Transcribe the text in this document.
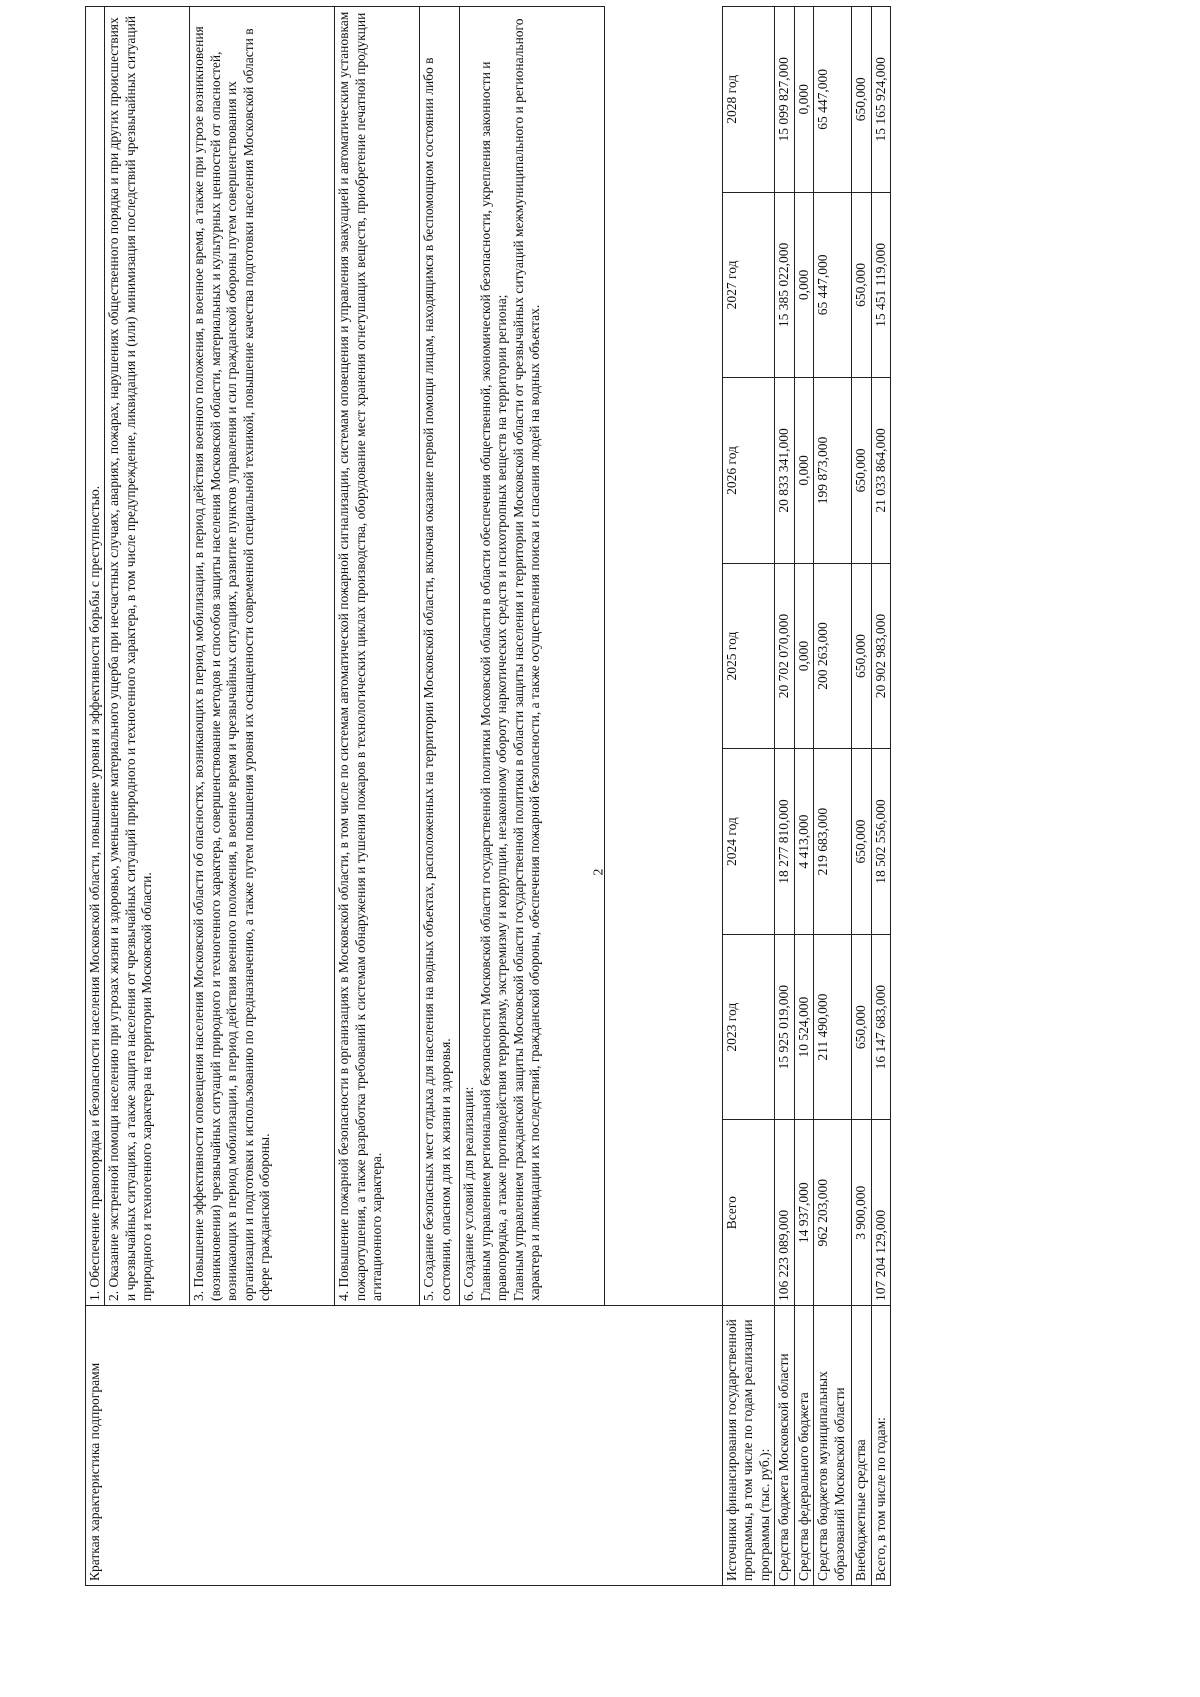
Краткая характеристика подпрограмм	1. Обеспечение правопорядка и безопасности населения Московской области, повышение уровня и эффективности борьбы с преступностью.						
	2. Оказание экстренной помощи населению при угрозах жизни и здоровью, уменьшение материального ущерба при несчастных случаях, авариях, пожарах, нарушениях общественного порядка и при других происшествиях и чрезвычайных ситуациях, а также защита населения от чрезвычайных ситуаций природного и техногенного характера, в том числе предупреждение, ликвидация и (или) минимизация последствий чрезвычайных ситуаций природного и техногенного характера на территории Московской области.						
	3. Повышение эффективности оповещения населения Московской области об опасностях, возникающих в период мобилизации, в период действия военного положения, в военное время, а также при угрозе возникновения (возникновении) чрезвычайных ситуаций природного и техногенного характера, совершенствование методов и способов защиты населения Московской области, материальных и культурных ценностей от опасностей, возникающих в период мобилизации, в период действия военного положения, в военное время и чрезвычайных ситуациях, развитие пунктов управления и сил гражданской обороны путем совершенствования их организации и подготовки к использованию по предназначению, а также путем повышения уровня их оснащенности современной специальной техникой, повышение качества подготовки населения Московской области в сфере гражданской обороны.						
	4. Повышение пожарной безопасности в организациях в Московской области, в том числе по системам автоматической пожарной сигнализации, системам оповещения и управления эвакуацией и автоматическим установкам пожаротушения, а также разработка требований к системам обнаружения и тушения пожаров в технологических циклах производства, оборудование мест хранения огнетушащих веществ, приобретение печатной продукции агитационного характера.						
	5. Создание безопасных мест отдыха для населения на водных объектах, расположенных на территории Московской области, включая оказание первой помощи лицам, находящимся в беспомощном состоянии либо в состоянии, опасном для их жизни и здоровья.						

	6. Создание условий для реализации: Главным управлением региональной безопасности Московской области государственной политики Московской области в области обеспечения общественной, экономической безопасности, укрепления законности и правопорядка, а также противодействия терроризму, экстремизму и коррупции, незаконному обороту наркотических средств и психотропных веществ на территории региона; Главным управлением гражданской защиты Московской области государственной политики в области защиты населения и территории Московской области от чрезвычайных ситуаций межмуниципального и регионального характера и ликвидации их последствий, гражданской обороны, обеспечения пожарной безопасности, а также осуществления поиска и спасания людей на водных объектах.						

Источники финансирования государственной программы, в том числе по годам реализации программы (тыс. руб.):	Всего	2023 год	2024 год	2025 год	2026 год	2027 год	2028 год
Средства бюджета Московской области	106 223 089,000	15 925 019,000	18 277 810,000	20 702 070,000	20 833 341,000	15 385 022,000	15 099 827,000
Средства федерального бюджета	14 937,000	10 524,000	4 413,000	0,000	0,000	0,000	0,000
Средства бюджетов муниципальных образований Московской области	962 203,000	211 490,000	219 683,000	200 263,000	199 873,000	65 447,000	65 447,000
Внебюджетные средства	3 900,000	650,000	650,000	650,000	650,000	650,000	650,000
Всего, в том числе по годам:	107 204 129,000	16 147 683,000	18 502 556,000	20 902 983,000	21 033 864,000	15 451 119,000	15 165 924,000
2
